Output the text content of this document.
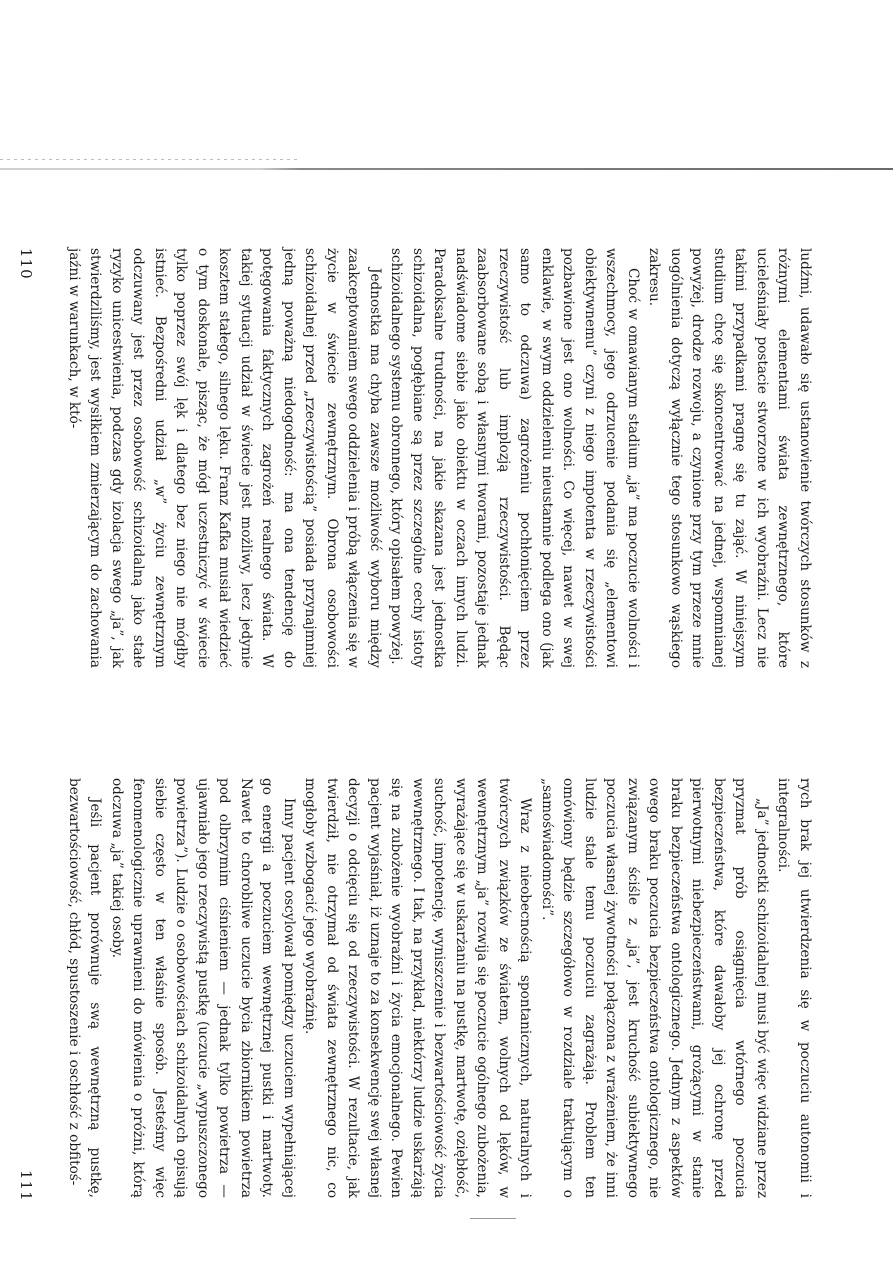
ludźmi, udawało się ustanowienie twórczych stosunków z różnymi elementami świata zewnętrznego, które ucieleśniały postacie stworzone w ich wyobraźni. Lecz nie takimi przypadkami pragnę się tu zająć. W niniejszym studium chcę się skoncentrować na jednej, wspomnianej powyżej, drodze rozwoju, a czynione przy tym przeze mnie uogólnienia dotyczą wyłącznie tego stosunkowo wąskiego zakresu.

Choć w omawianym stadium „ja” ma poczucie wolności i wszechmocy, jego odrzucenie podania się „elementowi obiektywnemu” czyni z niego impotenta w rzeczywistości pozbawione jest ono wolności. Co więcej, nawet w swej enklawie, w swym oddzieleniu nieustannie podlega ono (jak samo to odczuwa) zagrożeniu pochłonięciem przez rzeczywistość lub implozją rzeczywistości. Będąc zaabsorbowane sobą i własnymi tworami, pozostaje jednak nadświadome siebie jako obiektu w oczach innych ludzi. Paradoksalne trudności, na jakie skazana jest jednostka schizoidalna, pogłębiane są przez szczególne cechy istoty schizoidalnego systemu obronnego, który opisałem powyżej.

Jednostka ma chyba zawsze możliwość wyboru między zaakceptowaniem swego oddzielenia i próbą włączenia się w życie w świecie zewnętrznym. Obrona osobowości schizoidalnej przed „rzeczywistością” posiada przynajmniej jedną poważną niedogodność: ma ona tendencję do potęgowania faktycznych zagrożeń realnego świata. W takiej sytuacji udział w świecie jest możliwy, lecz jedynie kosztem stałego, silnego lęku. Franz Kafka musiał wiedzieć o tym doskonale, pisząc, że mógł uczestniczyć w świecie tylko poprzez swój lęk i dlatego bez niego nie mógłby istnieć. Bezpośredni udział „w” życiu zewnętrznym odczuwany jest przez osobowość schizoidalną jako stałe ryzyko unicestwienia, podczas gdy izolacja swego „ja”, jak stwierdziliśmy, jest wysiłkiem zmierzającym do zachowania jaźni w warunkach, w któ-

110

rych brak jej utwierdzenia się w poczuciu autonomii i integralności.

„Ja” jednostki schizoidalnej musi być więc widziane przez pryzmat prób osiągnięcia wtórnego poczucia bezpieczeństwa, które dawałoby jej ochronę przed pierwotnymi niebezpieczeństwami, grożącymi w stanie braku bezpieczeństwa ontologicznego. Jednym z aspektów owego braku poczucia bezpieczeństwa ontologicznego, nie związanym ściśle z „ja”, jest kruchość subiektywnego poczucia własnej żywotności połączona z wrażeniem, że inni ludzie stale temu poczuciu zagrażają. Problem ten omówiony będzie szczegółowo w rozdziale traktującym o „samoświadomości”.

Wraz z nieobecnością spontanicznych, naturalnych i twórczych związków ze światem, wolnych od lęków, w wewnętrznym „ja” rozwija się poczucie ogólnego zubożenia, wyrażające się w uskarżaniu na pustkę, martwotę, oziębłość, suchość, impotencję, wyniszczenie i bezwartościowość życia wewnętrznego. I tak, na przykład, niektórzy ludzie uskarżają się na zubożenie wyobraźni i życia emocjonalnego. Pewien pacjent wyjaśniał, iż uznaje to za konsekwencję swej własnej decyzji o odcięciu się od rzeczywistości. W rezultacie, jak twierdził, nie otrzymał od świata zewnętrznego nic, co mogłoby wzbogacić jego wyobraźnię.

Inny pacjent oscylował pomiędzy uczuciem wypełniającej go energii a poczuciem wewnętrznej pustki i martwoty. Nawet to chorobliwe uczucie bycia zbiornikiem powietrza pod olbrzymim ciśnieniem — jednak tylko powietrza — ujawniało jego rzeczywistą pustkę (uczucie „wypuszczonego powietrza”). Ludzie o osobowościach schizoidalnych opisują siebie często w ten właśnie sposób. Jesteśmy więc fenomenologicznie uprawnieni do mówienia o próżni, którą odczuwa „ja” takiej osoby.

Jeśli pacjent porównuje swą wewnętrzną pustkę, bezwartościowość, chłód, spustoszenie i oschłość z obfitoś-

111
